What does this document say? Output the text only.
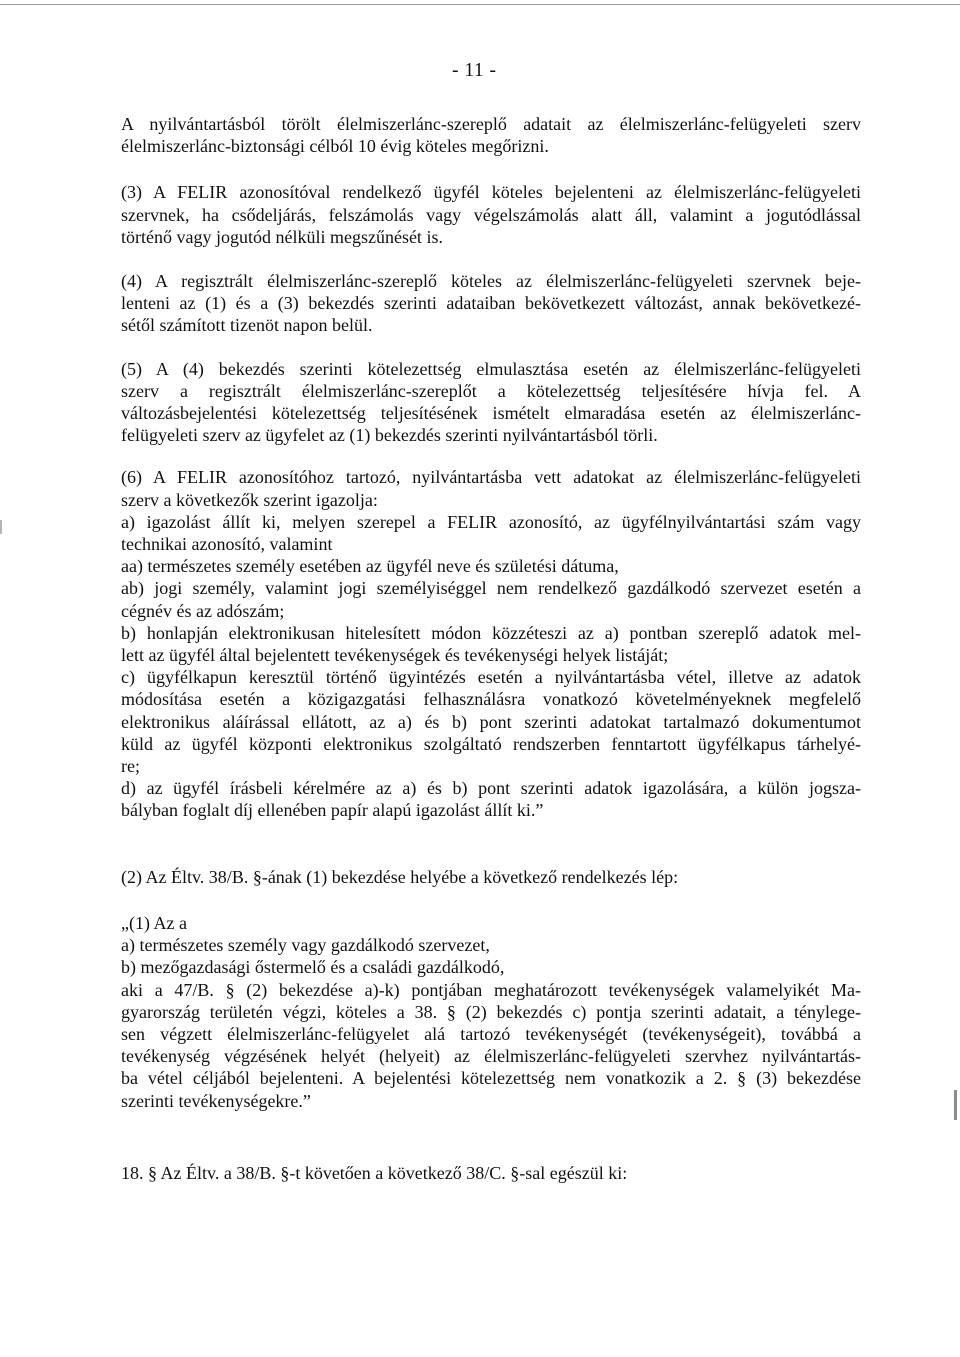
- 11 -

A nyilvántartásból törölt élelmiszerlánc-szereplő adatait az élelmiszerlánc-felügyeleti szerv
élelmiszerlánc-biztonsági célból 10 évig köteles megőrizni.

(3) A FELIR azonosítóval rendelkező ügyfél köteles bejelenteni az élelmiszerlánc-felügyeleti
szervnek, ha csődeljárás, felszámolás vagy végelszámolás alatt áll, valamint a jogutódlással
történő vagy jogutód nélküli megszűnését is.

(4) A regisztrált élelmiszerlánc-szereplő köteles az élelmiszerlánc-felügyeleti szervnek beje-
lenteni az (1) és a (3) bekezdés szerinti adataiban bekövetkezett változást, annak bekövetkezé-
sétől számított tizenöt napon belül.

(5) A (4) bekezdés szerinti kötelezettség elmulasztása esetén az élelmiszerlánc-felügyeleti
szerv a regisztrált élelmiszerlánc-szereplőt a kötelezettség teljesítésére hívja fel. A
változásbejelentési kötelezettség teljesítésének ismételt elmaradása esetén az élelmiszerlánc-
felügyeleti szerv az ügyfelet az (1) bekezdés szerinti nyilvántartásból törli.

(6) A FELIR azonosítóhoz tartozó, nyilvántartásba vett adatokat az élelmiszerlánc-felügyeleti
szerv a következők szerint igazolja:
a) igazolást állít ki, melyen szerepel a FELIR azonosító, az ügyfélnyilvántartási szám vagy
technikai azonosító, valamint
aa) természetes személy esetében az ügyfél neve és születési dátuma,
ab) jogi személy, valamint jogi személyiséggel nem rendelkező gazdálkodó szervezet esetén a
cégnév és az adószám;
b) honlapján elektronikusan hitelesített módon közzéteszi az a) pontban szereplő adatok mel-
lett az ügyfél által bejelentett tevékenységek és tevékenységi helyek listáját;
c) ügyfélkapun keresztül történő ügyintézés esetén a nyilvántartásba vétel, illetve az adatok
módosítása esetén a közigazgatási felhasználásra vonatkozó követelményeknek megfelelő
elektronikus aláírással ellátott, az a) és b) pont szerinti adatokat tartalmazó dokumentumot
küld az ügyfél központi elektronikus szolgáltató rendszerben fenntartott ügyfélkapus tárhelyé-
re;
d) az ügyfél írásbeli kérelmére az a) és b) pont szerinti adatok igazolására, a külön jogsza-
bályban foglalt díj ellenében papír alapú igazolást állít ki.”

(2) Az Éltv. 38/B. §-ának (1) bekezdése helyébe a következő rendelkezés lép:

„(1) Az a
a) természetes személy vagy gazdálkodó szervezet,
b) mezőgazdasági őstermelő és a családi gazdálkodó,
aki a 47/B. § (2) bekezdése a)-k) pontjában meghatározott tevékenységek valamelyikét Ma-
gyarország területén végzi, köteles a 38. § (2) bekezdés c) pontja szerinti adatait, a ténylege-
sen végzett élelmiszerlánc-felügyelet alá tartozó tevékenységét (tevékenységeit), továbbá a
tevékenység végzésének helyét (helyeit) az élelmiszerlánc-felügyeleti szervhez nyilvántartás-
ba vétel céljából bejelenteni. A bejelentési kötelezettség nem vonatkozik a 2. § (3) bekezdése
szerinti tevékenységekre.”

18. § Az Éltv. a 38/B. §-t követően a következő 38/C. §-sal egészül ki:
